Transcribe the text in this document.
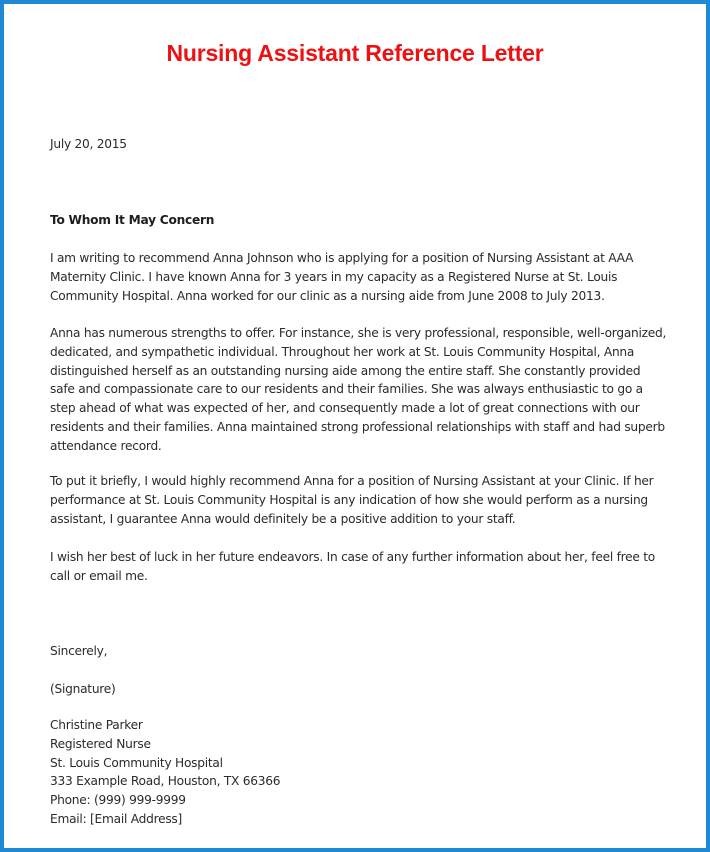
Nursing Assistant Reference Letter
July 20, 2015
To Whom It May Concern
I am writing to recommend Anna Johnson who is applying for a position of Nursing Assistant at AAA Maternity Clinic. I have known Anna for 3 years in my capacity as a Registered Nurse at St. Louis Community Hospital. Anna worked for our clinic as a nursing aide from June 2008 to July 2013.
Anna has numerous strengths to offer. For instance, she is very professional, responsible, well-organized, dedicated, and sympathetic individual. Throughout her work at St. Louis Community Hospital, Anna distinguished herself as an outstanding nursing aide among the entire staff. She constantly provided safe and compassionate care to our residents and their families. She was always enthusiastic to go a step ahead of what was expected of her, and consequently made a lot of great connections with our residents and their families. Anna maintained strong professional relationships with staff and had superb attendance record.
To put it briefly, I would highly recommend Anna for a position of Nursing Assistant at your Clinic. If her performance at St. Louis Community Hospital is any indication of how she would perform as a nursing assistant, I guarantee Anna would definitely be a positive addition to your staff.
I wish her best of luck in her future endeavors. In case of any further information about her, feel free to call or email me.
Sincerely,
(Signature)
Christine Parker
Registered Nurse
St. Louis Community Hospital
333 Example Road, Houston, TX 66366
Phone: (999) 999-9999
Email: [Email Address]
